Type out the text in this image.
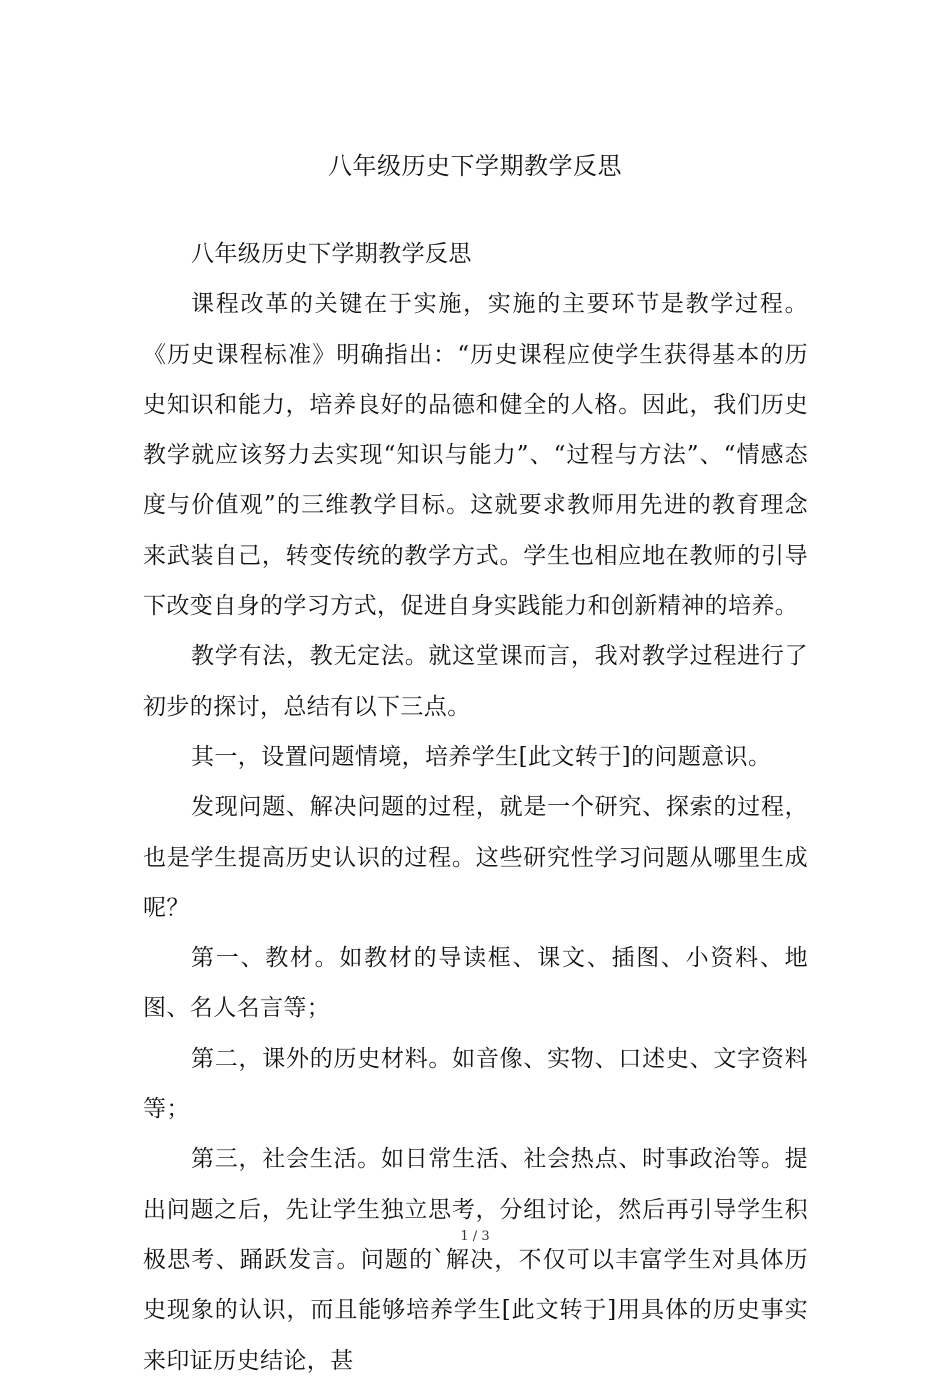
八年级历史下学期教学反思

八年级历史下学期教学反思

课程改革的关键在于实施，实施的主要环节是教学过程。《历史课程标准》明确指出：“历史课程应使学生获得基本的历史知识和能力，培养良好的品德和健全的人格。因此，我们历史教学就应该努力去实现“知识与能力”、“过程与方法”、“情感态度与价值观”的三维教学目标。这就要求教师用先进的教育理念来武装自己，转变传统的教学方式。学生也相应地在教师的引导下改变自身的学习方式，促进自身实践能力和创新精神的培养。

教学有法，教无定法。就这堂课而言，我对教学过程进行了初步的探讨，总结有以下三点。

其一，设置问题情境，培养学生[此文转于]的问题意识。

发现问题、解决问题的过程，就是一个研究、探索的过程，也是学生提高历史认识的过程。这些研究性学习问题从哪里生成呢？

第一、教材。如教材的导读框、课文、插图、小资料、地图、名人名言等；

第二，课外的历史材料。如音像、实物、口述史、文字资料等；

第三，社会生活。如日常生活、社会热点、时事政治等。提出问题之后，先让学生独立思考，分组讨论，然后再引导学生积极思考、踊跃发言。问题的`解决，不仅可以丰富学生对具体历史现象的认识，而且能够培养学生[此文转于]用具体的历史事实来印证历史结论，甚

1 / 3
